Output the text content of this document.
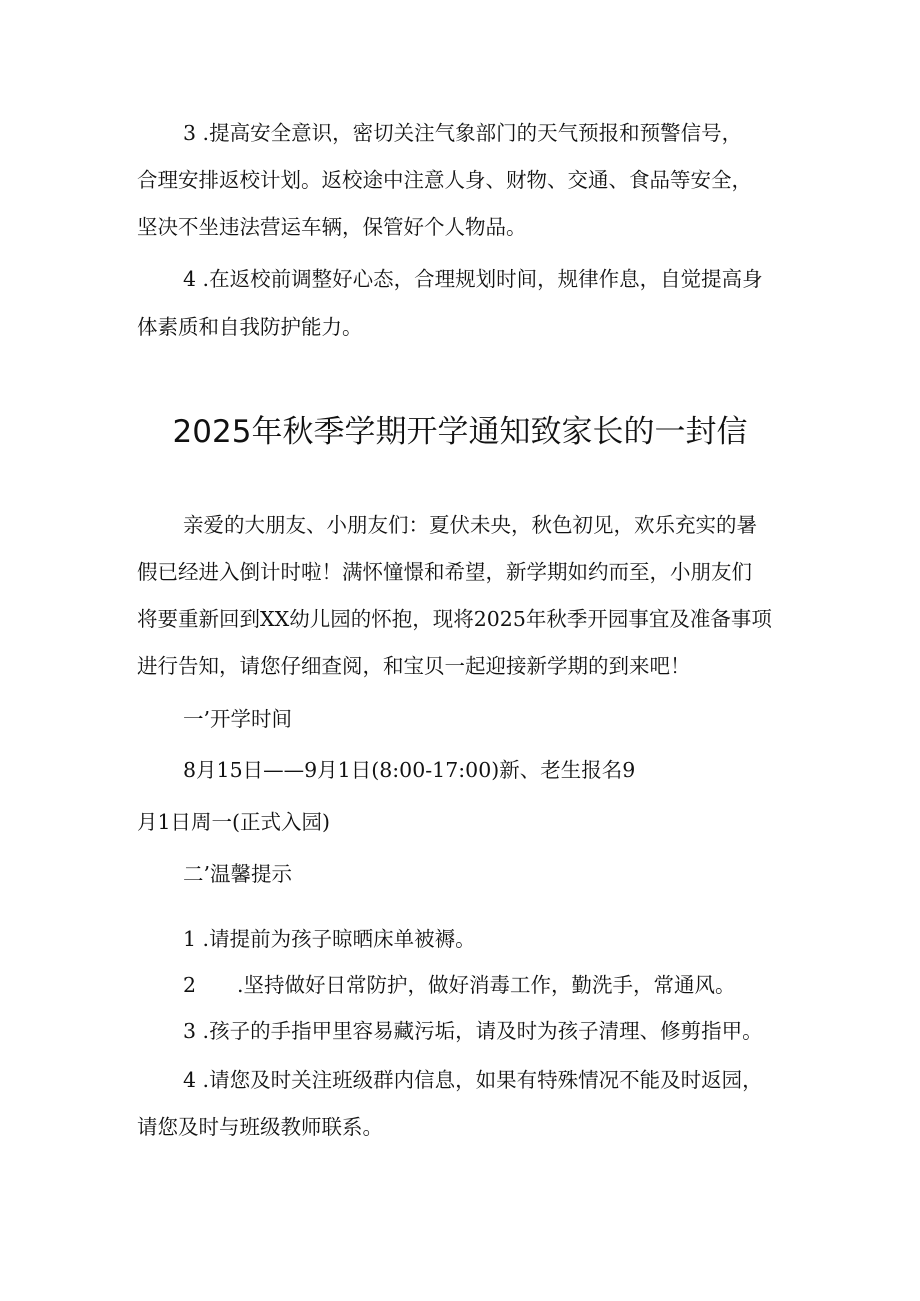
3 .提高安全意识，密切关注气象部门的天气预报和预警信号，
合理安排返校计划。返校途中注意人身、财物、交通、食品等安全，
坚决不坐违法营运车辆，保管好个人物品。
4 .在返校前调整好心态，合理规划时间，规律作息，自觉提高身
体素质和自我防护能力。
2025年秋季学期开学通知致家长的一封信
亲爱的大朋友、小朋友们：夏伏未央，秋色初见，欢乐充实的暑
假已经进入倒计时啦！满怀憧憬和希望，新学期如约而至，小朋友们
将要重新回到XX幼儿园的怀抱，现将2025年秋季开园事宜及准备事项
进行告知，请您仔细查阅，和宝贝一起迎接新学期的到来吧！
一’开学时间
8月15日——9月1日(8:00-17:00)新、老生报名9
月1日周一(正式入园)
二’温馨提示
1 .请提前为孩子晾晒床单被褥。
2　　.坚持做好日常防护，做好消毒工作，勤洗手，常通风。
3 .孩子的手指甲里容易藏污垢，请及时为孩子清理、修剪指甲。
4 .请您及时关注班级群内信息，如果有特殊情况不能及时返园，
请您及时与班级教师联系。
